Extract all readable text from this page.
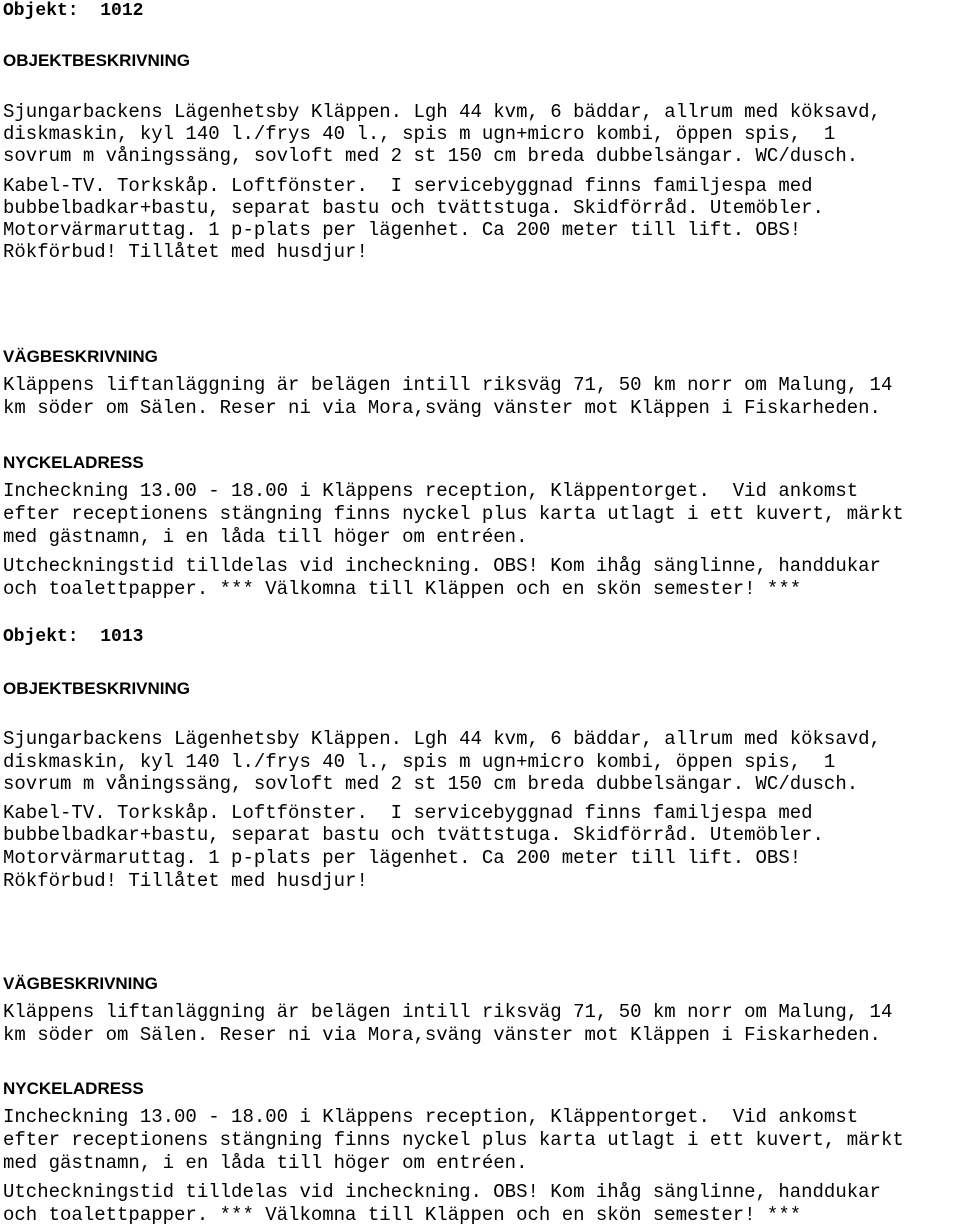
Objekt: 1012
OBJEKTBESKRIVNING
Sjungarbackens Lägenhetsby Kläppen. Lgh 44 kvm, 6 bäddar, allrum med köksavd,
diskmaskin, kyl 140 l./frys 40 l., spis m ugn+micro kombi, öppen spis,  1
sovrum m våningssäng, sovloft med 2 st 150 cm breda dubbelsängar. WC/dusch.
Kabel-TV. Torkskåp. Loftfönster.  I servicebyggnad finns familjespa med
bubbelbadkar+bastu, separat bastu och tvättstuga. Skidförråd. Utemöbler.
Motorvärmaruttag. 1 p-plats per lägenhet. Ca 200 meter till lift. OBS!
Rökförbud! Tillåtet med husdjur!
VÄGBESKRIVNING
Kläppens liftanläggning är belägen intill riksväg 71, 50 km norr om Malung, 14
km söder om Sälen. Reser ni via Mora,sväng vänster mot Kläppen i Fiskarheden.
NYCKELADRESS
Incheckning 13.00 - 18.00 i Kläppens reception, Kläppentorget.  Vid ankomst
efter receptionens stängning finns nyckel plus karta utlagt i ett kuvert, märkt
med gästnamn, i en låda till höger om entréen.
Utcheckningstid tilldelas vid incheckning. OBS! Kom ihåg sänglinne, handdukar
och toalettpapper. *** Välkomna till Kläppen och en skön semester! ***
Objekt: 1013
OBJEKTBESKRIVNING
Sjungarbackens Lägenhetsby Kläppen. Lgh 44 kvm, 6 bäddar, allrum med köksavd,
diskmaskin, kyl 140 l./frys 40 l., spis m ugn+micro kombi, öppen spis,  1
sovrum m våningssäng, sovloft med 2 st 150 cm breda dubbelsängar. WC/dusch.
Kabel-TV. Torkskåp. Loftfönster.  I servicebyggnad finns familjespa med
bubbelbadkar+bastu, separat bastu och tvättstuga. Skidförråd. Utemöbler.
Motorvärmaruttag. 1 p-plats per lägenhet. Ca 200 meter till lift. OBS!
Rökförbud! Tillåtet med husdjur!
VÄGBESKRIVNING
Kläppens liftanläggning är belägen intill riksväg 71, 50 km norr om Malung, 14
km söder om Sälen. Reser ni via Mora,sväng vänster mot Kläppen i Fiskarheden.
NYCKELADRESS
Incheckning 13.00 - 18.00 i Kläppens reception, Kläppentorget.  Vid ankomst
efter receptionens stängning finns nyckel plus karta utlagt i ett kuvert, märkt
med gästnamn, i en låda till höger om entréen.
Utcheckningstid tilldelas vid incheckning. OBS! Kom ihåg sänglinne, handdukar
och toalettpapper. *** Välkomna till Kläppen och en skön semester! ***
